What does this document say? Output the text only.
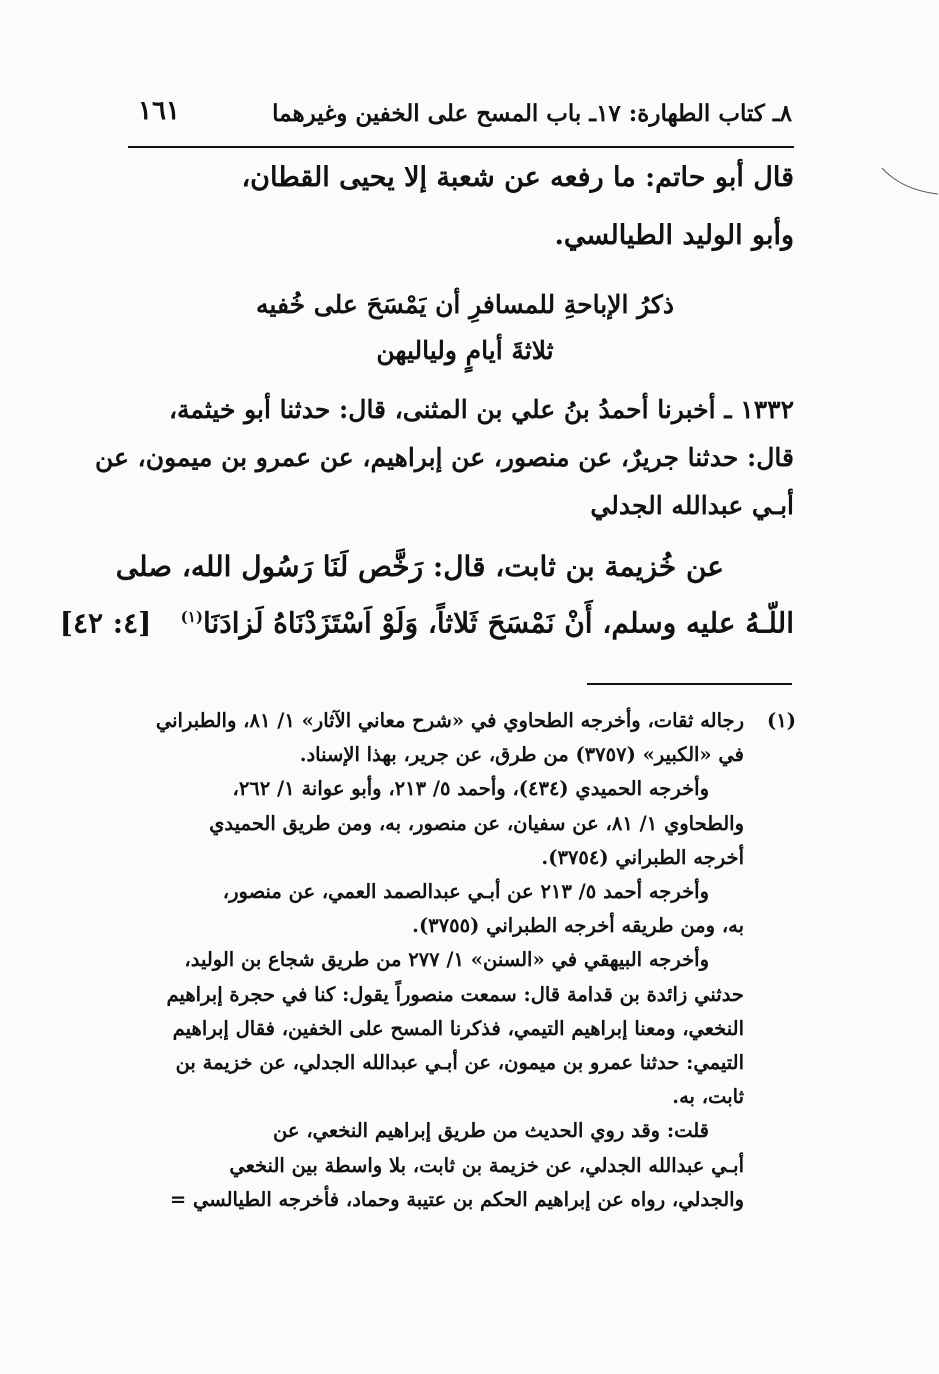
١٦١	٨ـ كتاب الطهارة: ١٧ـ باب المسح على الخفين وغيرهما
قال أبو حاتم: ما رفعه عن شعبة إلا يحيى القطان،
وأبو الوليد الطيالسي.
ذكرُ الإباحةِ للمسافرِ أن يَمْسَحَ على خُفيه
ثلاثةَ أيامٍ ولياليهن
١٣٣٢ ـ أخبرنا أحمدُ بنُ علي بن المثنى، قال: حدثنا أبو خيثمة،
قال: حدثنا جريرٌ، عن منصور، عن إبراهيم، عن عمرو بن ميمون، عن
أبـي عبدالله الجدلي
عن خُزيمة بن ثابت، قال: رَخَّص لَنَا رَسُول الله، صلى
اللّـهُ عليه وسلم، أَنْ نَمْسَحَ ثَلاثاً، وَلَوْ اَسْتَزَدْنَاهُ لَزادَنَا$^{(١)}$   [٤: ٤٢]
(١)
رجاله ثقات، وأخرجه الطحاوي في «شرح معاني الآثار» ١/ ٨١، والطبراني
في «الكبير» (٣٧٥٧) من طرق، عن جرير، بهذا الإسناد.
وأخرجه الحميدي (٤٣٤)، وأحمد ٥/ ٢١٣، وأبو عوانة ١/ ٢٦٢،
والطحاوي ١/ ٨١، عن سفيان، عن منصور، به، ومن طريق الحميدي
أخرجه الطبراني (٣٧٥٤).
وأخرجه أحمد ٥/ ٢١٣ عن أبـي عبدالصمد العمي، عن منصور،
به، ومن طريقه أخرجه الطبراني (٣٧٥٥).
وأخرجه البيهقي في «السنن» ١/ ٢٧٧ من طريق شجاع بن الوليد،
حدثني زائدة بن قدامة قال: سمعت منصوراً يقول: كنا في حجرة إبراهيم
النخعي، ومعنا إبراهيم التيمي، فذكرنا المسح على الخفين، فقال إبراهيم
التيمي: حدثنا عمرو بن ميمون، عن أبـي عبدالله الجدلي، عن خزيمة بن
ثابت، به.
قلت: وقد روي الحديث من طريق إبراهيم النخعي، عن
أبـي عبدالله الجدلي، عن خزيمة بن ثابت، بلا واسطة بين النخعي
والجدلي، رواه عن إبراهيم الحكم بن عتيبة وحماد، فأخرجه الطيالسي =
